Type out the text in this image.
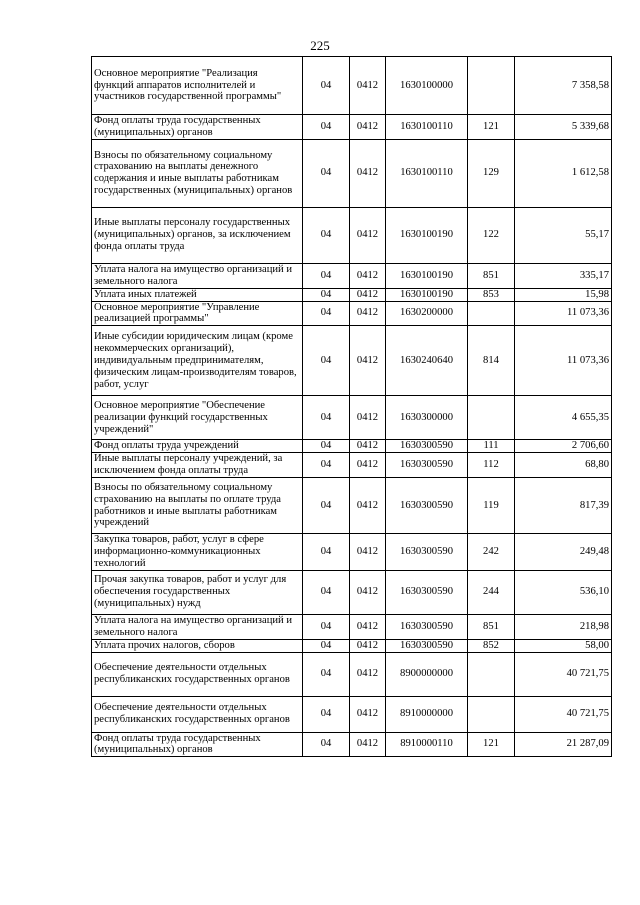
225
Основное мероприятие "Реализация функций аппаратов исполнителей и участников государственной программы"	04	0412	1630100000		7 358,58
Фонд оплаты труда государственных (муниципальных) органов	04	0412	1630100110	121	5 339,68
Взносы по обязательному социальному страхованию на выплаты денежного содержания и иные выплаты работникам государственных (муниципальных) органов	04	0412	1630100110	129	1 612,58
Иные выплаты персоналу государственных (муниципальных) органов, за исключением фонда оплаты труда	04	0412	1630100190	122	55,17
Уплата налога на имущество организаций и земельного налога	04	0412	1630100190	851	335,17
Уплата иных платежей	04	0412	1630100190	853	15,98
Основное мероприятие "Управление реализацией программы"	04	0412	1630200000		11 073,36
Иные субсидии юридическим лицам (кроме некоммерческих организаций), индивидуальным предпринимателям, физическим лицам-производителям товаров, работ, услуг	04	0412	1630240640	814	11 073,36
Основное мероприятие "Обеспечение реализации функций государственных учреждений"	04	0412	1630300000		4 655,35
Фонд оплаты труда учреждений	04	0412	1630300590	111	2 706,60
Иные выплаты персоналу учреждений, за исключением фонда оплаты труда	04	0412	1630300590	112	68,80
Взносы по обязательному социальному страхованию на выплаты по оплате труда работников и иные выплаты работникам учреждений	04	0412	1630300590	119	817,39
Закупка товаров, работ, услуг в сфере информационно-коммуникационных технологий	04	0412	1630300590	242	249,48
Прочая закупка товаров, работ и услуг для обеспечения государственных (муниципальных) нужд	04	0412	1630300590	244	536,10
Уплата налога на имущество организаций и земельного налога	04	0412	1630300590	851	218,98
Уплата прочих налогов, сборов	04	0412	1630300590	852	58,00
Обеспечение деятельности отдельных республиканских государственных органов	04	0412	8900000000		40 721,75
Обеспечение деятельности отдельных республиканских государственных органов	04	0412	8910000000		40 721,75
Фонд оплаты труда государственных (муниципальных) органов	04	0412	8910000110	121	21 287,09
